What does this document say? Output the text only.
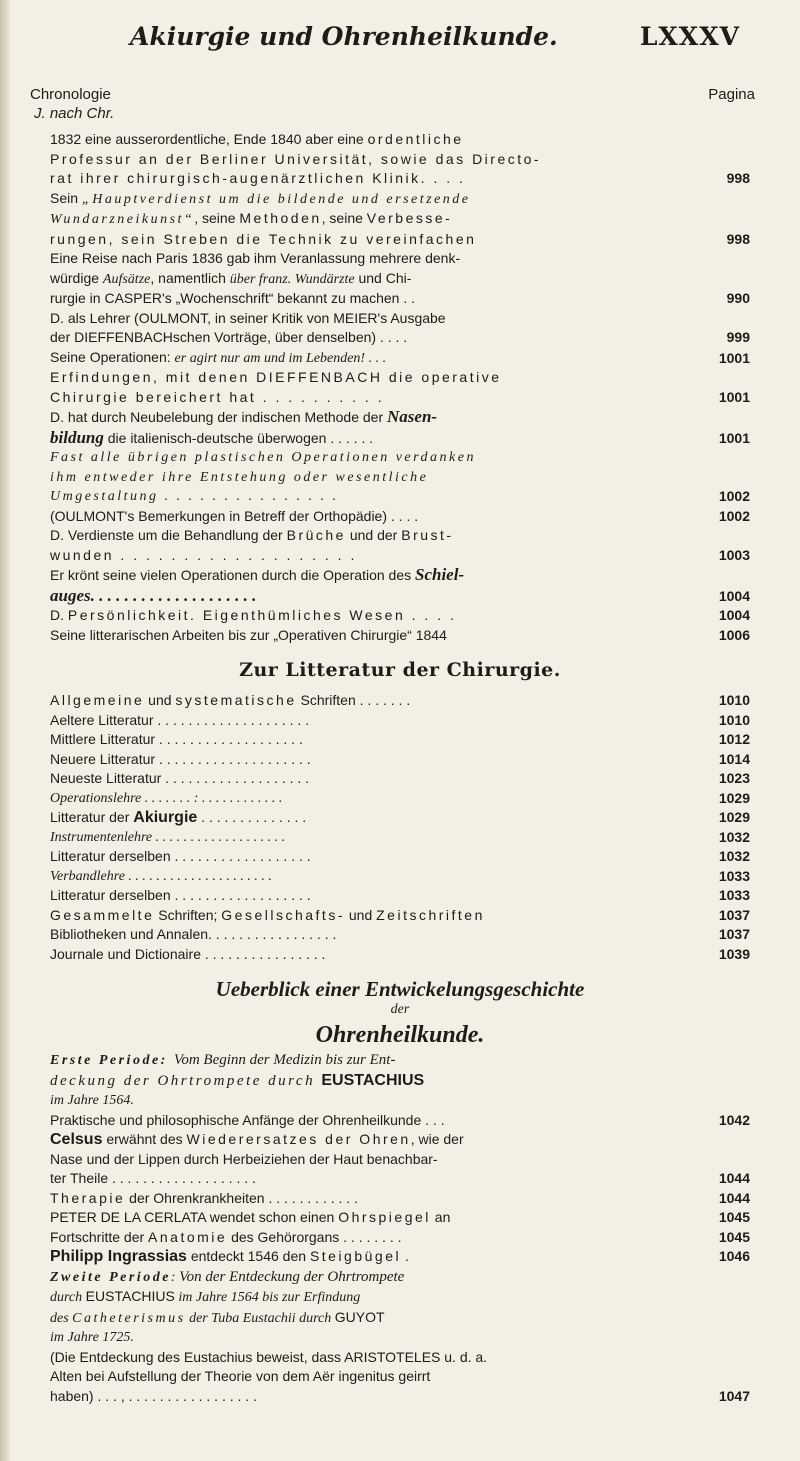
Akiurgie und Ohrenheilkunde.	LXXXV
Chronologie
J. nach Chr.
Pagina
1832 eine ausserordentliche, Ende 1840 aber eine ordentliche
Professur an der Berliner Universität, sowie das Directo-
rat ihrer chirurgisch-augenärztlichen Klinik. . . .	998
Sein „Hauptverdienst um die bildende und ersetzende
Wundarzneikunst“, seine Methoden, seine Verbesse-
rungen, sein Streben die Technik zu vereinfachen	998
Eine Reise nach Paris 1836 gab ihm Veranlassung mehrere denk-
würdige Aufsätze, namentlich über franz. Wundärzte und Chi-
rurgie in CASPER's „Wochenschrift“ bekannt zu machen . .	990
D. als Lehrer (OULMONT, in seiner Kritik von MEIER's Ausgabe
der DIEFFENBACHschen Vorträge, über denselben) . . . .	999
Seine Operationen: er agirt nur am und im Lebenden! . . .	1001
Erfindungen, mit denen DIEFFENBACH die operative
Chirurgie bereichert hat . . . . . . . . . .	1001
D. hat durch Neubelebung der indischen Methode der Nasen-
bildung die italienisch-deutsche überwogen . . . . . .	1001
Fast alle übrigen plastischen Operationen verdanken
ihm entweder ihre Entstehung oder wesentliche
Umgestaltung . . . . . . . . . . . . . . .	1002
(OULMONT's Bemerkungen in Betreff der Orthopädie) . . . .	1002
D. Verdienste um die Behandlung der Brüche und der Brust-
wunden . . . . . . . . . . . . . . . . . . .	1003
Er krönt seine vielen Operationen durch die Operation des Schiel-
auges. . . . . . . . . . . . . . . . . . . .	1004
D. Persönlichkeit. Eigenthümliches Wesen . . . .	1004
Seine litterarischen Arbeiten bis zur „Operativen Chirurgie“ 1844	1006
Zur Litteratur der Chirurgie.
Allgemeine und systematische Schriften . . . . . . .	1010
Aeltere Litteratur . . . . . . . . . . . . . . . . . . . .	1010
Mittlere Litteratur . . . . . . . . . . . . . . . . . . .	1012
Neuere Litteratur . . . . . . . . . . . . . . . . . . . .	1014
Neueste Litteratur . . . . . . . . . . . . . . . . . . .	1023
Operationslehre . . . . . . . : . . . . . . . . . . . .	1029
Litteratur der Akiurgie . . . . . . . . . . . . . .	1029
Instrumentenlehre . . . . . . . . . . . . . . . . . . .	1032
Litteratur derselben . . . . . . . . . . . . . . . . . .	1032
Verbandlehre . . . . . . . . . . . . . . . . . . . . .	1033
Litteratur derselben . . . . . . . . . . . . . . . . . .	1033
Gesammelte Schriften; Gesellschafts- und Zeitschriften	1037
Bibliotheken und Annalen. . . . . . . . . . . . . . . . .	1037
Journale und Dictionaire . . . . . . . . . . . . . . . .	1039
Ueberblick einer Entwickelungsgeschichte
der
Ohrenheilkunde.
Erste Periode: Vom Beginn der Medizin bis zur Ent-
deckung der Ohrtrompete durch EUSTACHIUS
im Jahre 1564.
Praktische und philosophische Anfänge der Ohrenheilkunde . . .	1042
Celsus erwähnt des Wiederersatzes der Ohren, wie der
Nase und der Lippen durch Herbeiziehen der Haut benachbar-
ter Theile . . . . . . . . . . . . . . . . . . .	1044
Therapie der Ohrenkrankheiten . . . . . . . . . . . .	1044
PETER DE LA CERLATA wendet schon einen Ohrspiegel an	1045
Fortschritte der Anatomie des Gehörorgans . . . . . . . .	1045
Philipp Ingrassias entdeckt 1546 den Steigbügel .	1046
Zweite Periode: Von der Entdeckung der Ohrtrompete
durch EUSTACHIUS im Jahre 1564 bis zur Erfindung
des Catheterismus der Tuba Eustachii durch GUYOT
im Jahre 1725.
(Die Entdeckung des Eustachius beweist, dass ARISTOTELES u. d. a.
Alten bei Aufstellung der Theorie von dem Aër ingenitus geirrt
haben) . . . , . . . . . . . . . . . . . . . . .	1047
